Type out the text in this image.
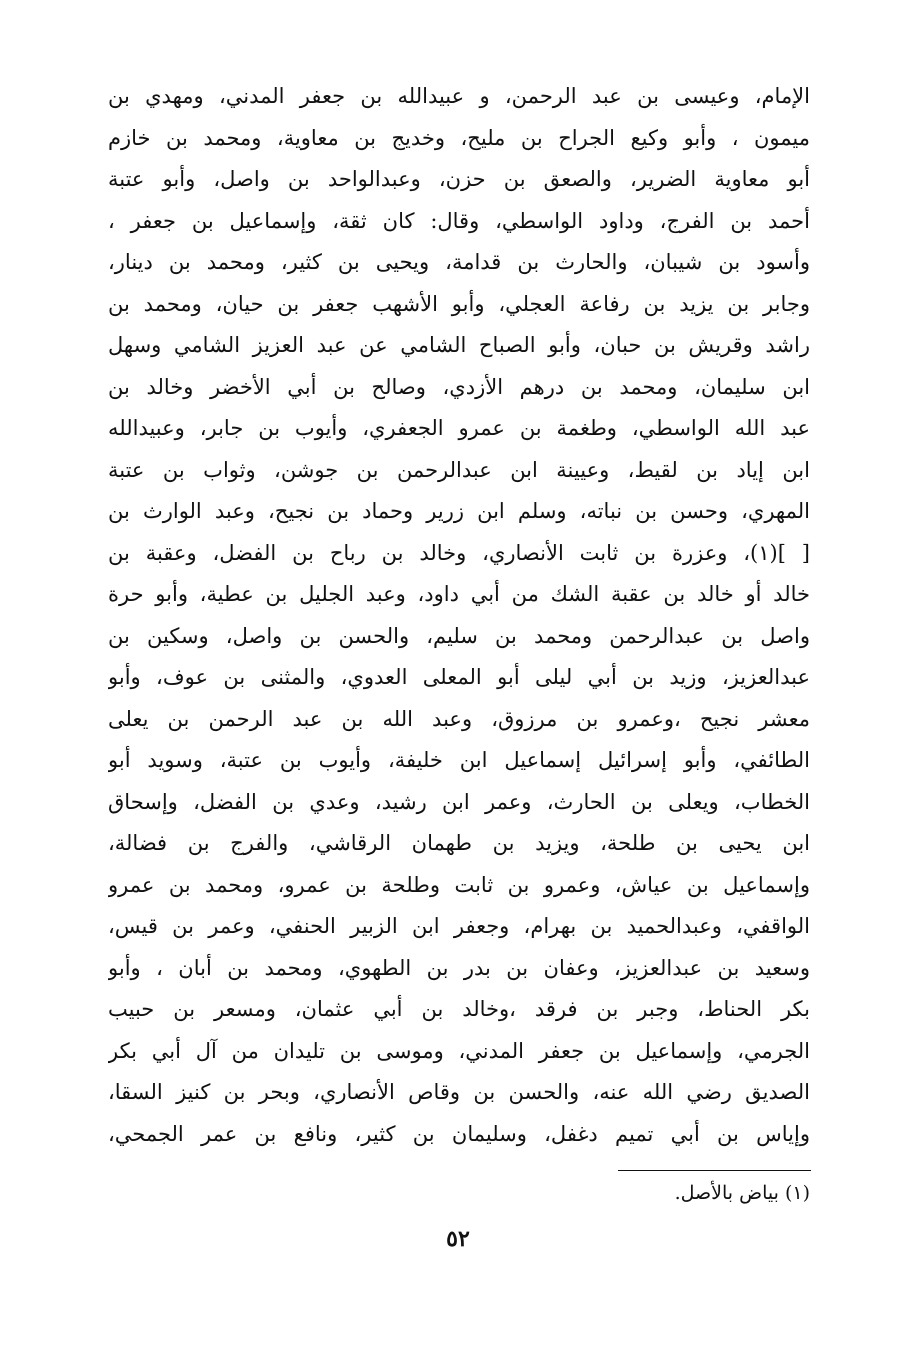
الإمام، وعيسى بن عبد الرحمن، و عبيدالله بن جعفر المدني، ومهدي بن
ميمون ، وأبو وكيع الجراح بن مليح، وخديج بن معاوية، ومحمد بن خازم
أبو معاوية الضرير، والصعق بن حزن، وعبدالواحد بن واصل، وأبو عتبة
أحمد بن الفرج، وداود الواسطي، وقال: كان ثقة، وإسماعيل بن جعفر ،
وأسود بن شيبان، والحارث بن قدامة، ويحيى بن كثير، ومحمد بن دينار،
وجابر بن يزيد بن رفاعة العجلي، وأبو الأشهب جعفر بن حيان، ومحمد بن
راشد وقريش بن حبان، وأبو الصباح الشامي عن عبد العزيز الشامي وسهل
ابن سليمان، ومحمد بن درهم الأزدي، وصالح بن أبي الأخضر وخالد بن
عبد الله الواسطي، وطغمة بن عمرو الجعفري، وأيوب بن جابر، وعبيدالله
ابن إياد بن لقيط، وعيينة ابن عبدالرحمن بن جوشن، وثواب بن عتبة
المهري، وحسن بن نباته، وسلم ابن زرير وحماد بن نجيح، وعبد الوارث بن
[ ](١)، وعزرة بن ثابت الأنصاري، وخالد بن رباح بن الفضل، وعقبة بن
خالد أو خالد بن عقبة الشك من أبي داود، وعبد الجليل بن عطية، وأبو حرة
واصل بن عبدالرحمن ومحمد بن سليم، والحسن بن واصل، وسكين بن
عبدالعزيز، وزيد بن أبي ليلى أبو المعلى العدوي، والمثنى بن عوف، وأبو
معشر نجيح ،وعمرو بن مرزوق، وعبد الله بن عبد الرحمن بن يعلى
الطائفي، وأبو إسرائيل إسماعيل ابن خليفة، وأيوب بن عتبة، وسويد أبو
الخطاب، ويعلى بن الحارث، وعمر ابن رشيد، وعدي بن الفضل، وإسحاق
ابن يحيى بن طلحة، ويزيد بن طهمان الرقاشي، والفرج بن فضالة،
وإسماعيل بن عياش، وعمرو بن ثابت وطلحة بن عمرو، ومحمد بن عمرو
الواقفي، وعبدالحميد بن بهرام، وجعفر ابن الزبير الحنفي، وعمر بن قيس،
وسعيد بن عبدالعزيز، وعفان بن بدر بن الطهوي، ومحمد بن أبان ، وأبو
بكر الحناط، وجبر بن فرقد ،وخالد بن أبي عثمان، ومسعر بن حبيب
الجرمي، وإسماعيل بن جعفر المدني، وموسى بن تليدان من آل أبي بكر
الصديق رضي الله عنه، والحسن بن وقاص الأنصاري، وبحر بن كنيز السقا،
وإياس بن أبي تميم دغفل، وسليمان بن كثير، ونافع بن عمر الجمحي،
(١) بياض بالأصل.
٥٢
